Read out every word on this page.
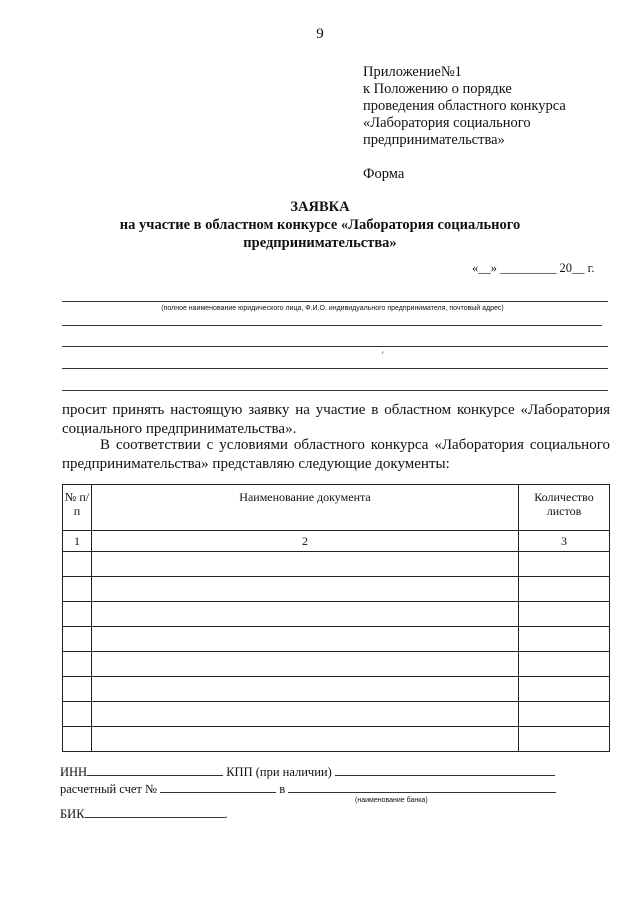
9
Приложение№1
к Положению о порядке
проведения областного конкурса
«Лаборатория социального
предпринимательства»
Форма
ЗАЯВКА
на участие в областном конкурсе «Лаборатория социального
предпринимательства»
«__» _________ 20__ г.
(полное наименование юридического лица, Ф.И.О. индивидуального предпринимателя, почтовый адрес)
′
просит принять настоящую заявку на участие в областном конкурсе «Лаборатория социального предпринимательства».
В соответствии с условиями областного конкурса «Лаборатория социального предпринимательства» представляю следующие документы:
№ п/п	Наименование документа	Количество листов
1	2	3

ИНН	КПП (при наличии)
расчетный счет №	в
(наименование банка)
БИК	.
